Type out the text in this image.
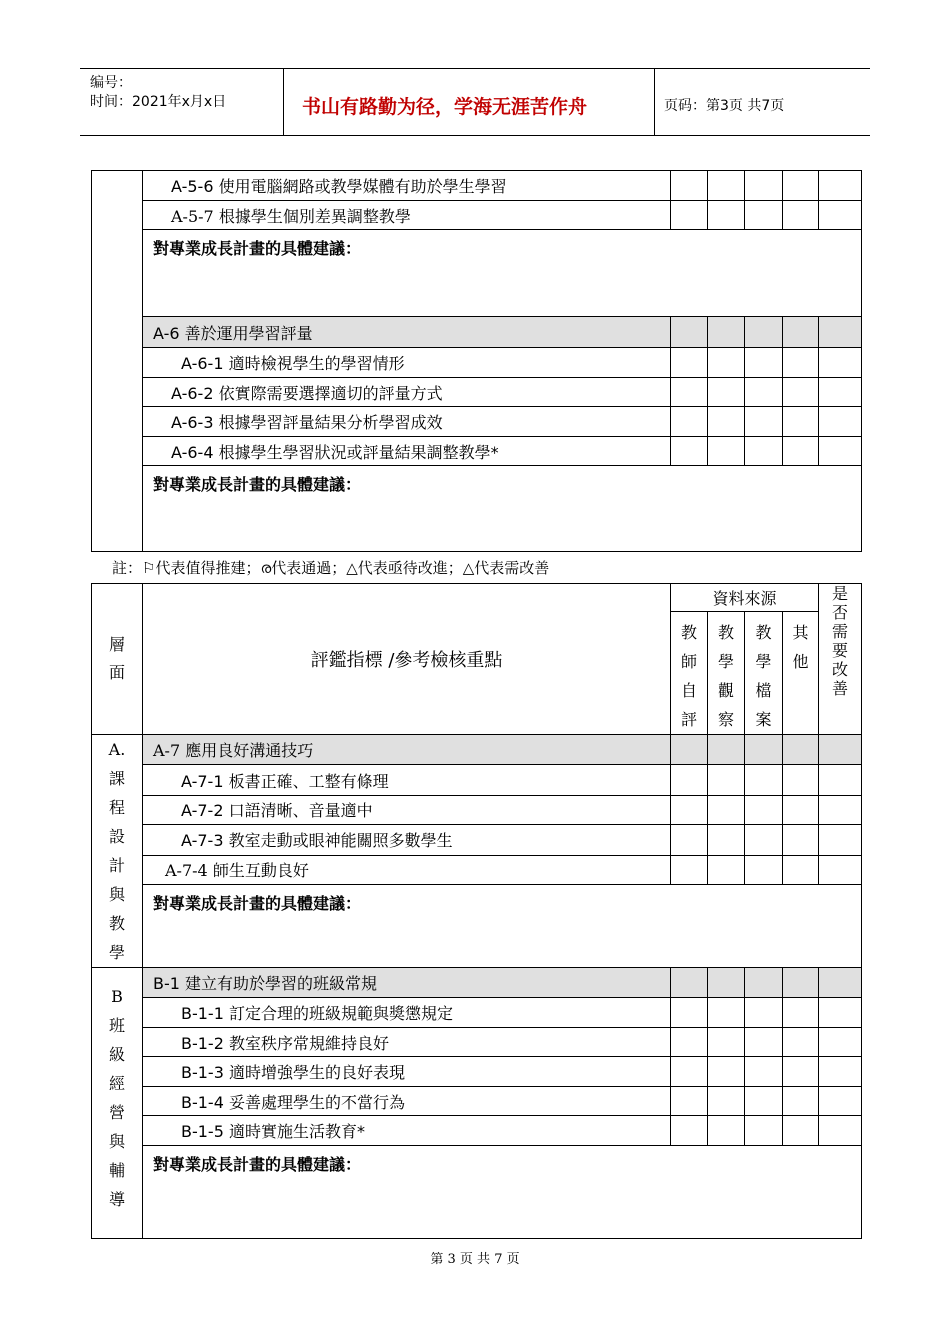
编号：
时间：2021年x月x日	书山有路勤为径，学海无涯苦作舟	页码：第3页 共7页
	A-5-6 使用電腦網路或教學媒體有助於學生學習					
	A-5-7 根據學生個別差異調整教學					
	對專業成長計畫的具體建議：					
	A-6 善於運用學習評量					
	A-6-1 適時檢視學生的學習情形					
	A-6-2 依實際需要選擇適切的評量方式					
	A-6-3 根據學習評量結果分析學習成效					
	A-6-4 根據學生學習狀況或評量結果調整教學*					
	對專業成長計畫的具體建議：					
註：⚐代表值得推建；ര代表通過；△代表亟待改進；△代表需改善
層面	評鑑指標 /參考檢核重點	資料來源				是否需要改善

		教師自評	教學觀察	教學檔案	其他	

A.課程設計與教學	A-7 應用良好溝通技巧					
	A-7-1 板書正確、工整有條理					
	A-7-2 口語清晰、音量適中					
	A-7-3 教室走動或眼神能關照多數學生					
	A-7-4 師生互動良好					
	對專業成長計畫的具體建議：					

B班級經營與輔導	B-1 建立有助於學習的班級常規					
	B-1-1 訂定合理的班級規範與獎懲規定					
	B-1-2 教室秩序常規維持良好					
	B-1-3 適時增強學生的良好表現					
	B-1-4 妥善處理學生的不當行為					
	B-1-5 適時實施生活教育*					
	對專業成長計畫的具體建議：					
第 3 页 共 7 页
